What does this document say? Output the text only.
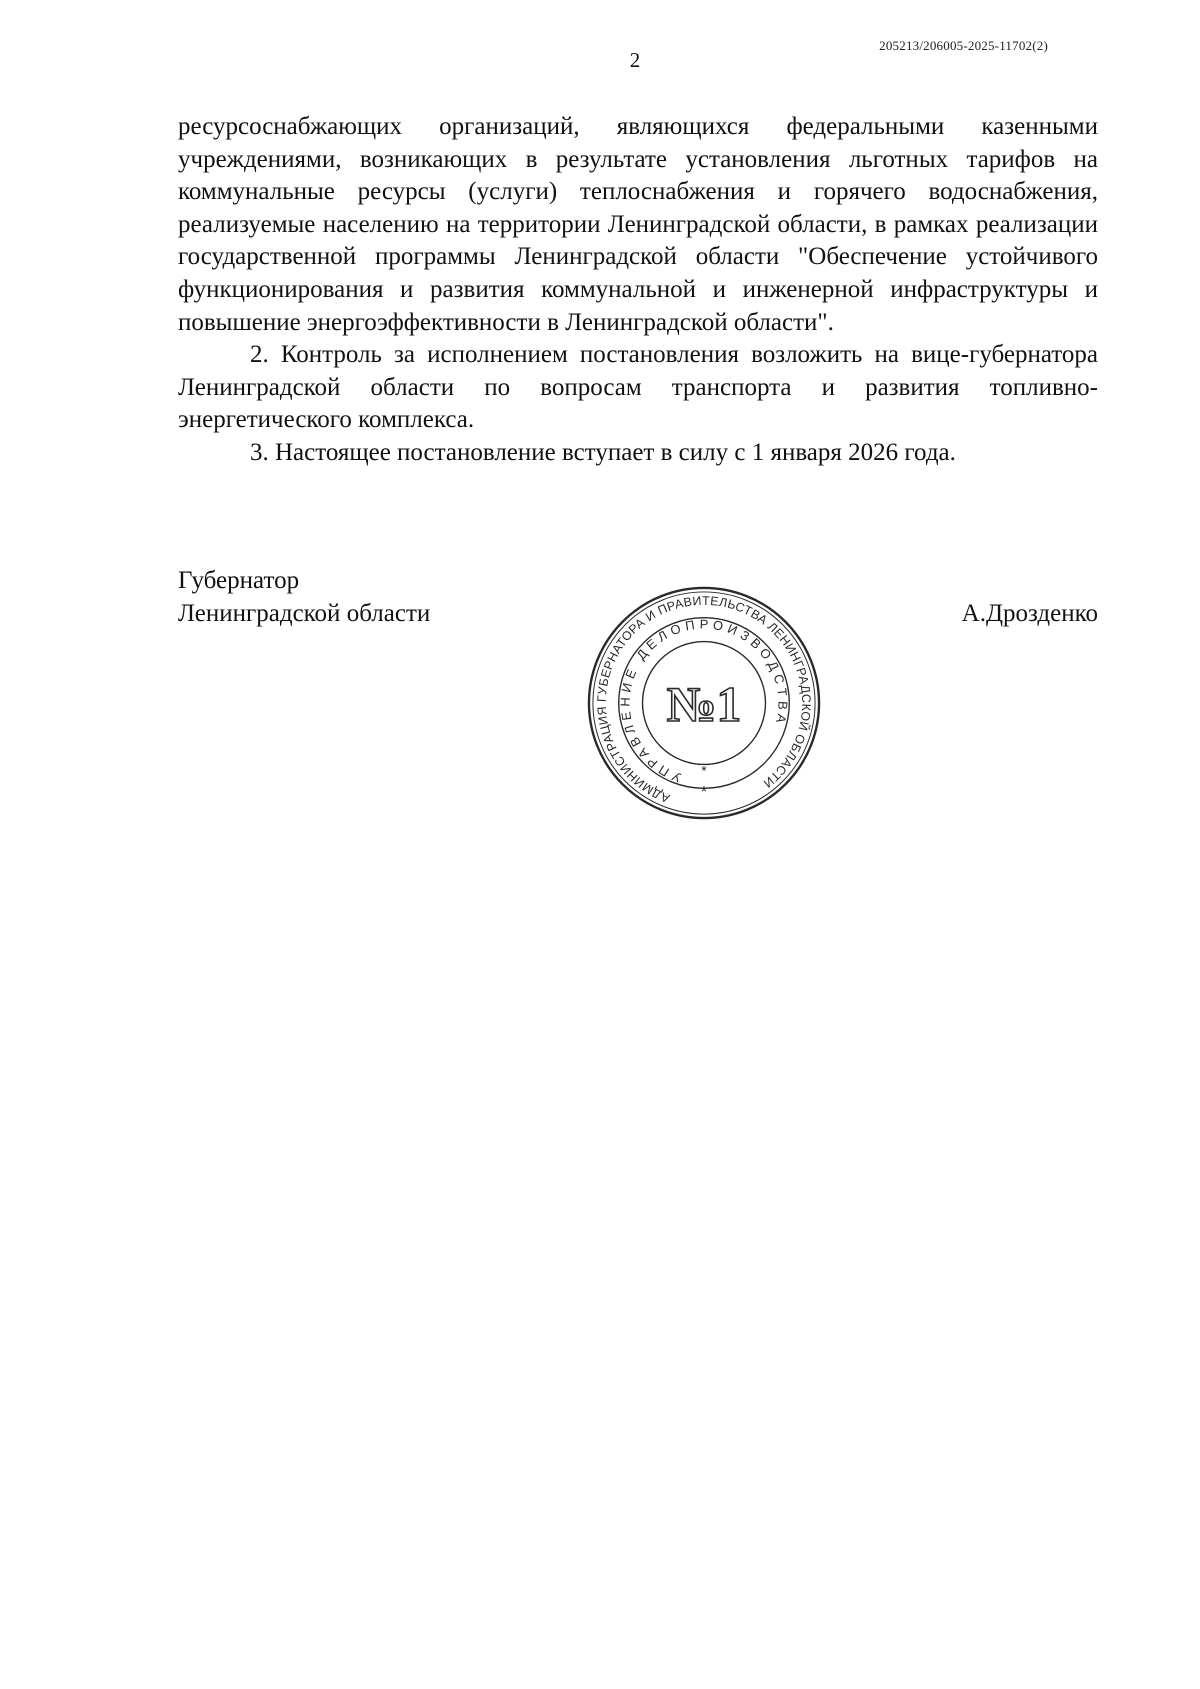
205213/206005-2025-11702(2)
2

ресурсоснабжающих организаций, являющихся федеральными казенными учреждениями, возникающих в результате установления льготных тарифов на коммунальные ресурсы (услуги) теплоснабжения и горячего водоснабжения, реализуемые населению на территории Ленинградской области, в рамках реализации государственной программы Ленинградской области "Обеспечение устойчивого функционирования и развития коммунальной и инженерной инфраструктуры и повышение энергоэффективности в Ленинградской области".

2. Контроль за исполнением постановления возложить на вице-губернатора Ленинградской области по вопросам транспорта и развития топливно-энергетического комплекса.

3. Настоящее постановление вступает в силу с 1 января 2026 года.

Губернатор

Ленинградской области	А.Дрозденко

АДМИНИСТРАЦИЯ ГУБЕРНАТОРА И ПРАВИТЕЛЬСТВА ЛЕНИНГРАДСКОЙ ОБЛАСТИ
УПРАВЛЕНИЕ ДЕЛОПРОИЗВОДСТВА
№1
*
*
